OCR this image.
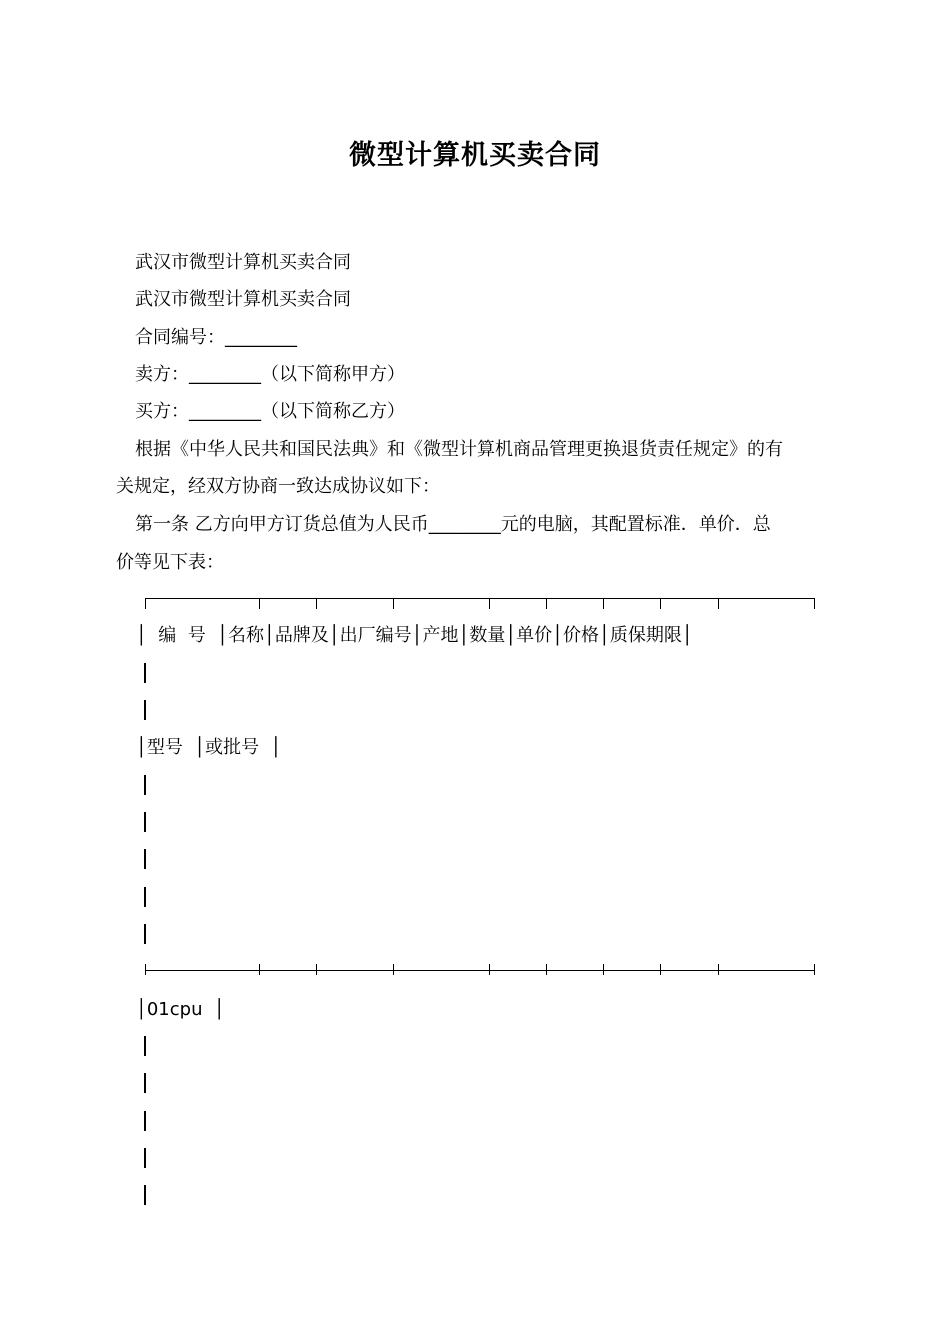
微型计算机买卖合同
武汉市微型计算机买卖合同
武汉市微型计算机买卖合同
合同编号：________
卖方：________（以下简称甲方）
买方：________（以下简称乙方）
根据《中华人民共和国民法典》和《微型计算机商品管理更换退货责任规定》的有
关规定，经双方协商一致达成协议如下：
第一条 乙方向甲方订货总值为人民币________元的电脑，其配置标准．单价．总
价等见下表：
│  编  号  │名称│品牌及│出厂编号│产地│数量│单价│价格│质保期限│
│型号  │或批号  │
│01cpu  │
